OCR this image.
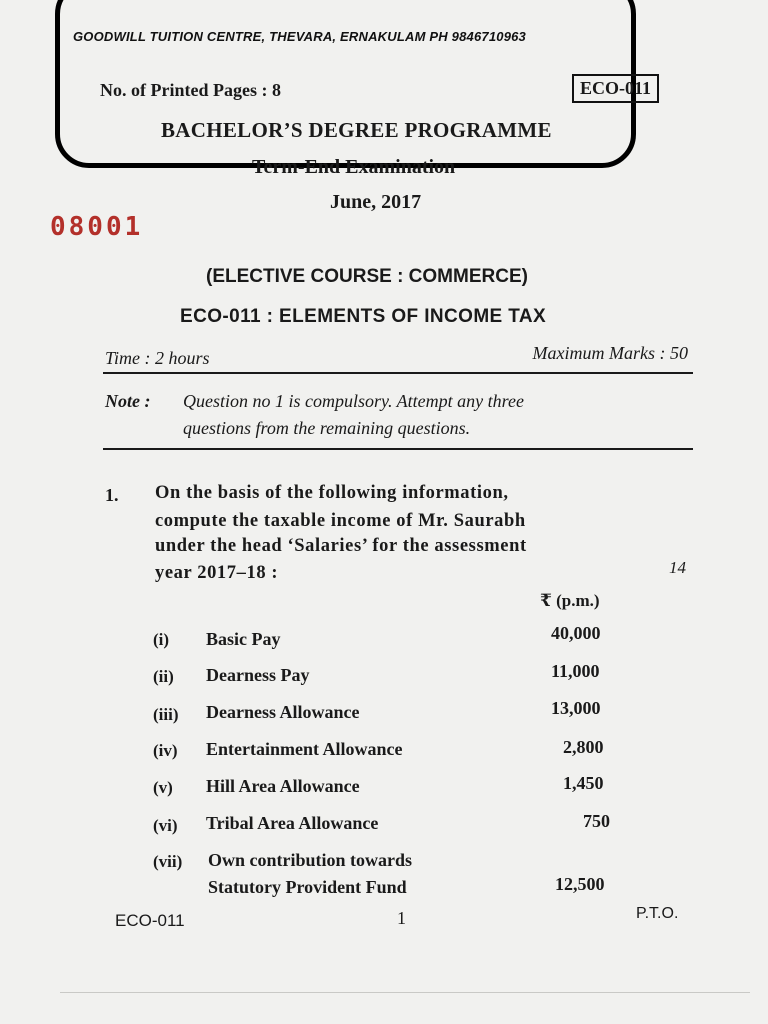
GOODWILL TUITION CENTRE, THEVARA, ERNAKULAM PH 9846710963
No. of Printed Pages : 8	ECO-011
BACHELOR’S DEGREE PROGRAMME
Term-End Examination
June, 2017
08001
(ELECTIVE COURSE : COMMERCE)
ECO-011 : ELEMENTS OF INCOME TAX
Time : 2 hours	Maximum Marks : 50
Note : Question no 1 is compulsory. Attempt any three
questions from the remaining questions.
1. On the basis of the following information,
compute the taxable income of Mr. Saurabh
under the head ‘Salaries’ for the assessment
year 2017–18 :	14
₹ (p.m.)
(i) Basic Pay	40,000
(ii) Dearness Pay	11,000
(iii) Dearness Allowance	13,000
(iv) Entertainment Allowance	2,800
(v) Hill Area Allowance	1,450
(vi) Tribal Area Allowance	750
(vii) Own contribution towards
Statutory Provident Fund	12,500
ECO-011	1	P.T.O.
